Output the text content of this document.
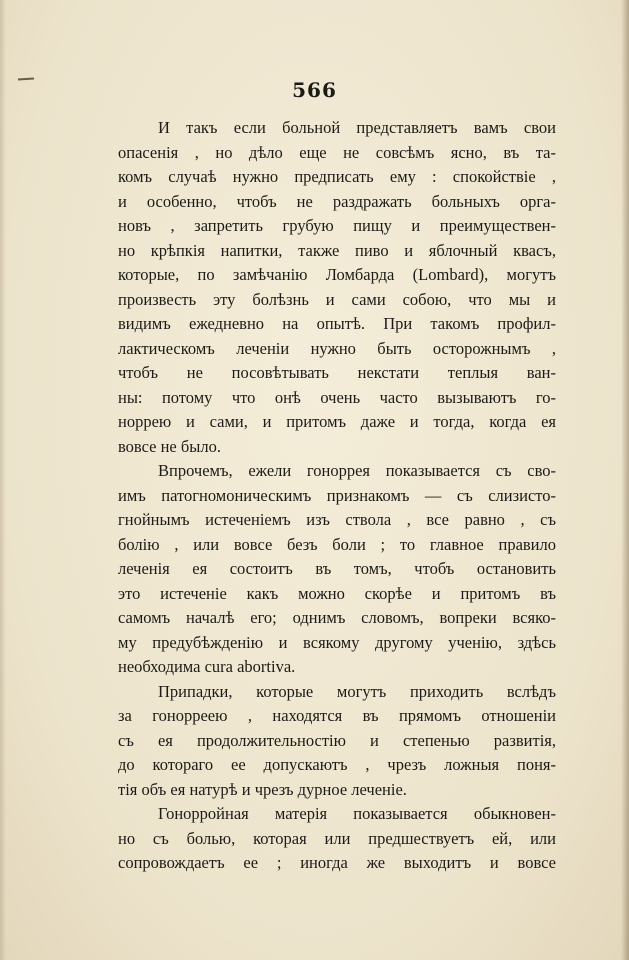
566
И такъ если больной представляетъ вамъ свои
опасенія , но дѣло еще не совсѣмъ ясно, въ та-
комъ случаѣ нужно предписать ему : спокойствіе ,
и особенно, чтобъ не раздражать больныхъ орга-
новъ , запретить грубую пищу и преимуществен-
но крѣпкія напитки, также пиво и яблочный квасъ,
которые, по замѣчанію Ломбарда (Lombard), могутъ
произвесть эту болѣзнь и сами собою, что мы и
видимъ ежедневно на опытѣ. При такомъ профил-
лактическомъ леченіи нужно быть осторожнымъ ,
чтобъ не посовѣтывать некстати теплыя ван-
ны: потому что онѣ очень часто вызываютъ го-
норрею и сами, и притомъ даже и тогда, когда ея
вовсе не было.
Впрочемъ, ежели гоноррея показывается съ сво-
имъ патогномоническимъ признакомъ — съ слизисто-
гнойнымъ истеченіемъ изъ ствола , все равно , съ
болію , или вовсе безъ боли ; то главное правило
леченія ея состоитъ въ томъ, чтобъ остановить
это истеченіе какъ можно скорѣе и притомъ въ
самомъ началѣ его; однимъ словомъ, вопреки всяко-
му предубѣжденію и всякому другому ученію, здѣсь
необходима cura abortiva.
Припадки, которые могутъ приходить вслѣдъ
за гонорреею , находятся въ прямомъ отношеніи
съ ея продолжительностію и степенью развитія,
до котораго ее допускаютъ , чрезъ ложныя поня-
тія объ ея натурѣ и чрезъ дурное леченіе.
Гонорройная матерія показывается обыкновен-
но съ болью, которая или предшествуетъ ей, или
сопровождаетъ ее ; иногда же выходитъ и вовсе
